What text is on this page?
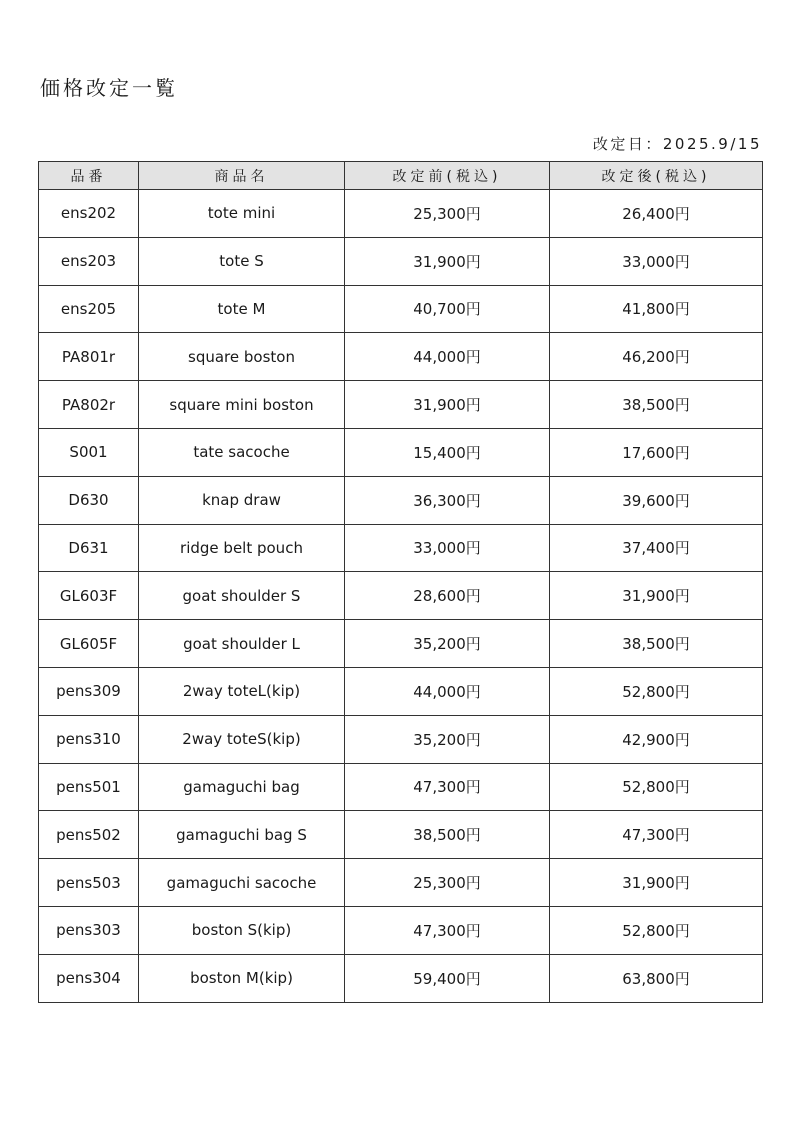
価格改定一覧
改定日：2025.9/15
品番	商品名	改定前(税込)	改定後(税込)
ens202	tote mini	25,300円	26,400円
ens203	tote S	31,900円	33,000円
ens205	tote M	40,700円	41,800円
PA801r	square boston	44,000円	46,200円
PA802r	square mini boston	31,900円	38,500円
S001	tate sacoche	15,400円	17,600円
D630	knap draw	36,300円	39,600円
D631	ridge belt pouch	33,000円	37,400円
GL603F	goat shoulder S	28,600円	31,900円
GL605F	goat shoulder L	35,200円	38,500円
pens309	2way toteL(kip)	44,000円	52,800円
pens310	2way toteS(kip)	35,200円	42,900円
pens501	gamaguchi bag	47,300円	52,800円
pens502	gamaguchi bag S	38,500円	47,300円
pens503	gamaguchi sacoche	25,300円	31,900円
pens303	boston S(kip)	47,300円	52,800円
pens304	boston M(kip)	59,400円	63,800円
